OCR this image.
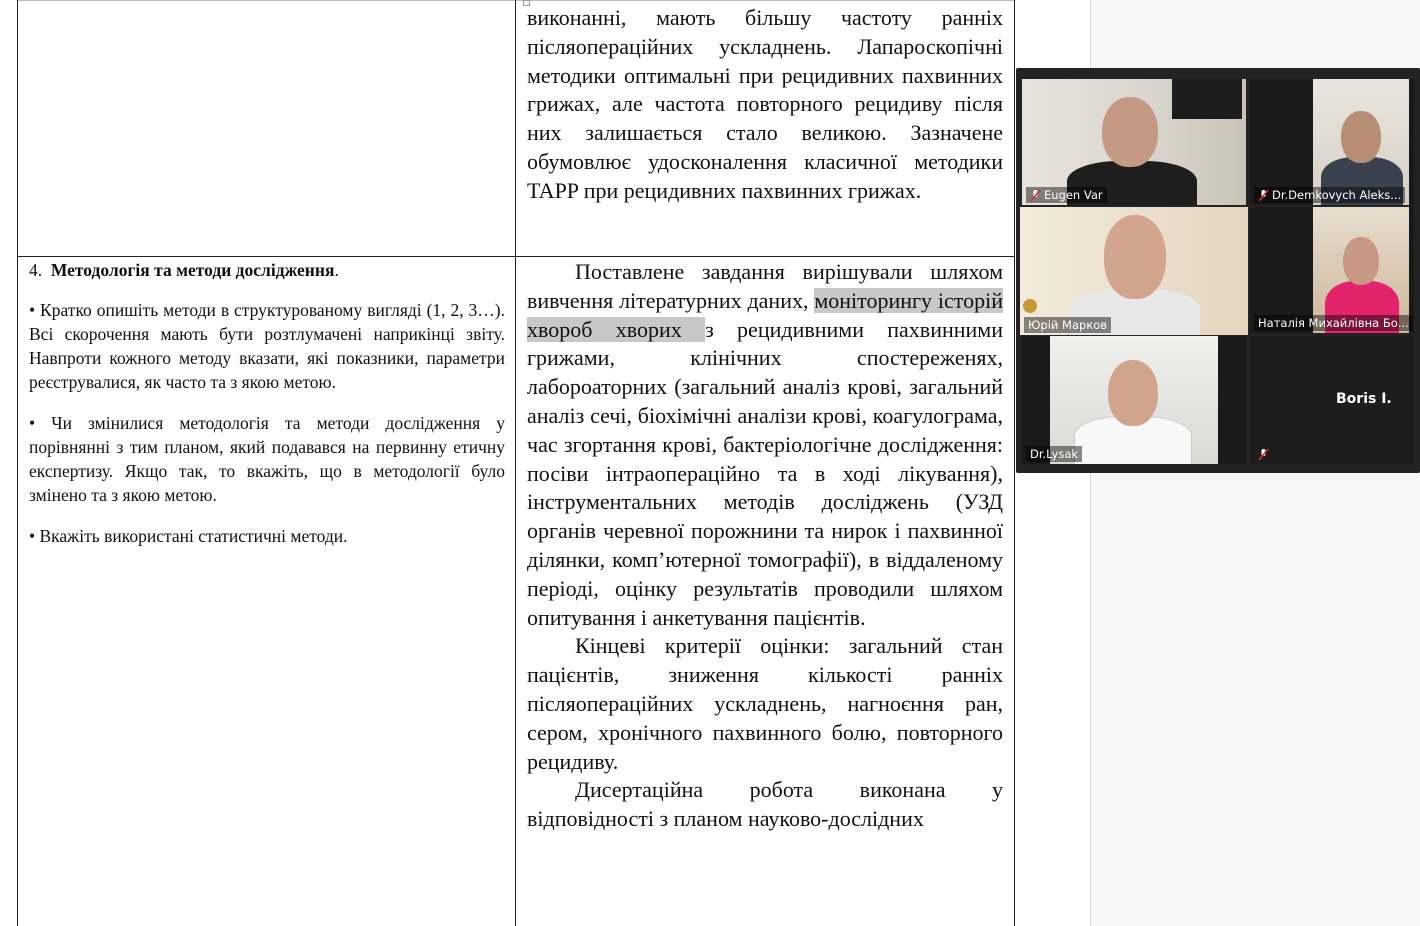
виконанні, мають більшу частоту ранніх післяопераційних ускладнень. Лапароскопічні методики оптимальні при рецидивних пахвинних грижах, але частота повторного рецидиву після них залишається стало великою. Зазначене обумовлює удосконалення класичної методики TAPP при рецидивних пахвинних грижах.

4. Методологія та методи дослідження.

• Кратко опишіть методи в структурованому вигляді (1, 2, 3…). Всі скорочення мають бути розтлумачені наприкінці звіту. Навпроти кожного методу вказати, які показники, параметри реєструвалися, як часто та з якою метою.

• Чи змінилися методологія та методи дослідження у порівнянні з тим планом, який подавався на первинну етичну експертизу. Якщо так, то вкажіть, що в методології було змінено та з якою метою.

• Вкажіть використані статистичні методи.

Поставлене завдання вирішували шляхом вивчення літературних даних, моніторингу історій хвороб хворих з рецидивними пахвинними грижами, клінічних спостереженях, лабороаторних (загальний аналіз крові, загальний аналіз сечі, біохімічні аналізи крові, коагулограма, час згортання крові, бактеріологічне дослідження: посіви інтраопераційно та в ході лікування), інструментальних методів досліджень (УЗД органів черевної порожнини та нирок і пахвинної ділянки, комп’ютерної томографії), в віддаленому періоді, оцінку результатів проводили шляхом опитування і анкетування пацієнтів.

Кінцеві критерії оцінки: загальний стан пацієнтів, зниження кількості ранніх післяопераційних ускладнень, нагноєння ран, сером, хронічного пахвинного болю, повторного рецидиву.

Дисертаційна робота виконана у відповідності з планом науково-дослідних

Eugen Var	Dr.Demkovych Aleks...
Юрій Марков	Наталія Михайлівна Бо...
Dr.Lysak
Boris I.
